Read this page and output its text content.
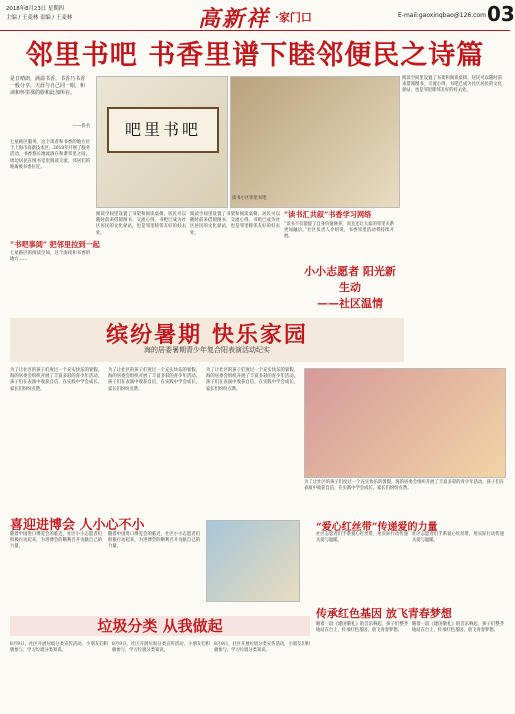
2018年8月23日 星期四
主编 / 王麦林 责编 / 王麦林	高新祥 ·家门口	E-mail:gaoxinqbao@126.com 03
邻里书吧 书香里谱下睦邻便民之诗篇
是日晴朗，满溢书香。书香乃书香一般分享，天涯与自己同一眼，和读和怀里那的脸和此加所在。
——佚名
七星路区服务，这个读者和书香的地方位于上海市高新技术区；2018年开展了服务活动，书香悠长地流淌在和谐邻里之间。周边居民在图书室里阅读交流，邻居们的距离被书香拉近。
“书吧事阅” 把邻里拉到一起
七星路区的阅读空间，这个深夜和书香的地方……
吧里书吧
读书小区邻里书吧
阅读空间里设置了书架和阅读桌椅，居民可以随时前来借阅图书、交流心得。书吧已成为社区居民的文化驿站，也是邻里睦邻友好的好去处。
阅读空间里设置了书架和阅读桌椅，居民可以随时前来借阅图书、交流心得。书吧已成为社区居民的文化驿站，也是邻里睦邻友好的好去处。
“读书汇共叙”书香学习网络
“读书不仅能提了自身价值修养，而且还让大家的邻里关系更加融洽。”社区负责人介绍说，书香邻里活动将持续开展。
阅读空间里设置了书架和阅读桌椅，居民可以随时前来借阅图书、交流心得。书吧已成为社区居民的文化驿站，也是邻里睦邻友好的好去处。
小小志愿者 阳光新生动
——社区温情
缤纷暑期 快乐家园
海的居委暑期青少年复合阳表演活动纪实
为了让社区的孩子们度过一个充实快乐的暑假，海的居委会组织开展了丰富多彩的青少年活动。孩子们在表演中收获自信，在实践中学会成长，家长们纷纷点赞。
为了让社区的孩子们度过一个充实快乐的暑假，海的居委会组织开展了丰富多彩的青少年活动。孩子们在表演中收获自信，在实践中学会成长，家长们纷纷点赞。
为了让社区的孩子们度过一个充实快乐的暑假，海的居委会组织开展了丰富多彩的青少年活动。孩子们在表演中收获自信，在实践中学会成长，家长们纷纷点赞。
为了让社区的孩子们度过一个充实快乐的暑假，海的居委会组织开展了丰富多彩的青少年活动。孩子们在表演中收获自信，在实践中学会成长，家长们纷纷点赞。
喜迎进博会 人小心不小
随着中国进口博览会的临近，社区小小志愿者们积极行动起来，为进博会的顺利召开贡献自己的力量。
随着中国进口博览会的临近，社区小小志愿者们积极行动起来，为进博会的顺利召开贡献自己的力量。
垃圾分类 从我做起
8月9日，社区开展垃圾分类宣传活动，小朋友们积极参与，学习垃圾分类知识。
8月9日，社区开展垃圾分类宣传活动，小朋友们积极参与，学习垃圾分类知识。
8月9日，社区开展垃圾分类宣传活动，小朋友们积极参与，学习垃圾分类知识。
“爱心红丝带”传递爱的力量
社区志愿者们手系爱心红丝带，用实际行动传递关爱与温暖。
社区志愿者们手系爱心红丝带，用实际行动传递关爱与温暖。
传承红色基因 放飞青春梦想
随着一段《建国敬礼》的音乐响起，孩子们整齐地站在台上，传承红色基因，放飞青春梦想。
随着一段《建国敬礼》的音乐响起，孩子们整齐地站在台上，传承红色基因，放飞青春梦想。
